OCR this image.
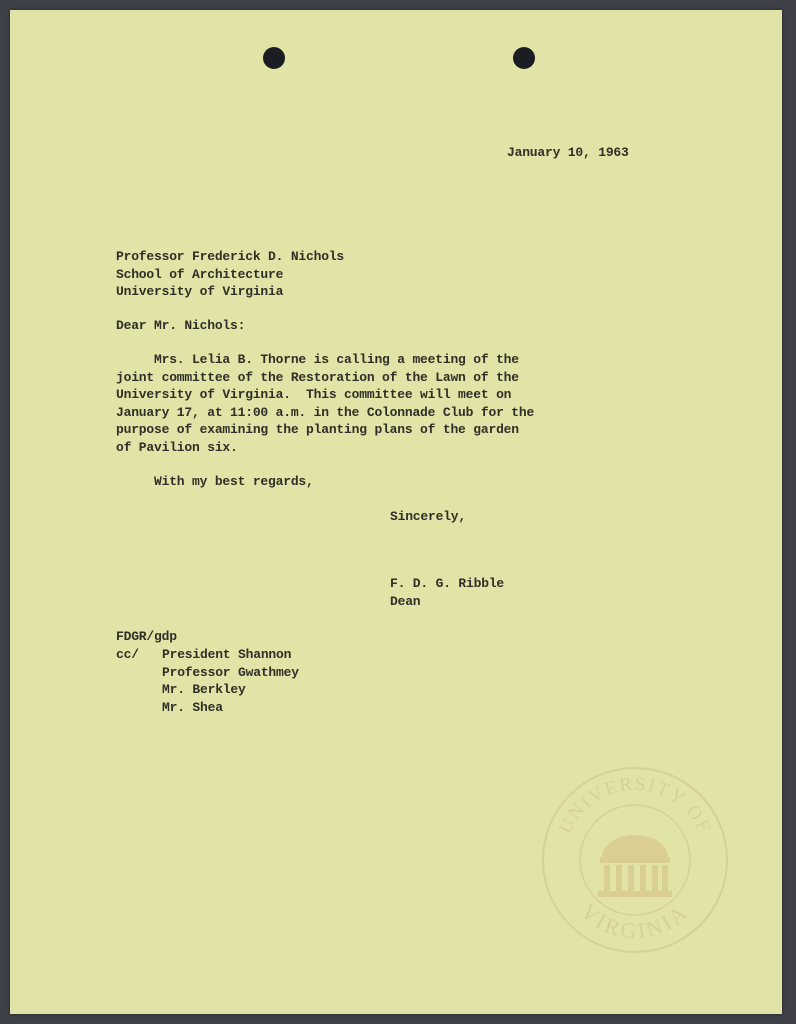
January 10, 1963
Professor Frederick D. Nichols
School of Architecture
University of Virginia
Dear Mr. Nichols:
Mrs. Lelia B. Thorne is calling a meeting of the
joint committee of the Restoration of the Lawn of the
University of Virginia.  This committee will meet on
January 17, at 11:00 a.m. in the Colonnade Club for the
purpose of examining the planting plans of the garden
of Pavilion six.
With my best regards,
Sincerely,
F. D. G. Ribble
Dean
FDGR/gdp
cc/ President Shannon
Professor Gwathmey
Mr. Berkley
Mr. Shea
UNIVERSITY OF
VIRGINIA
